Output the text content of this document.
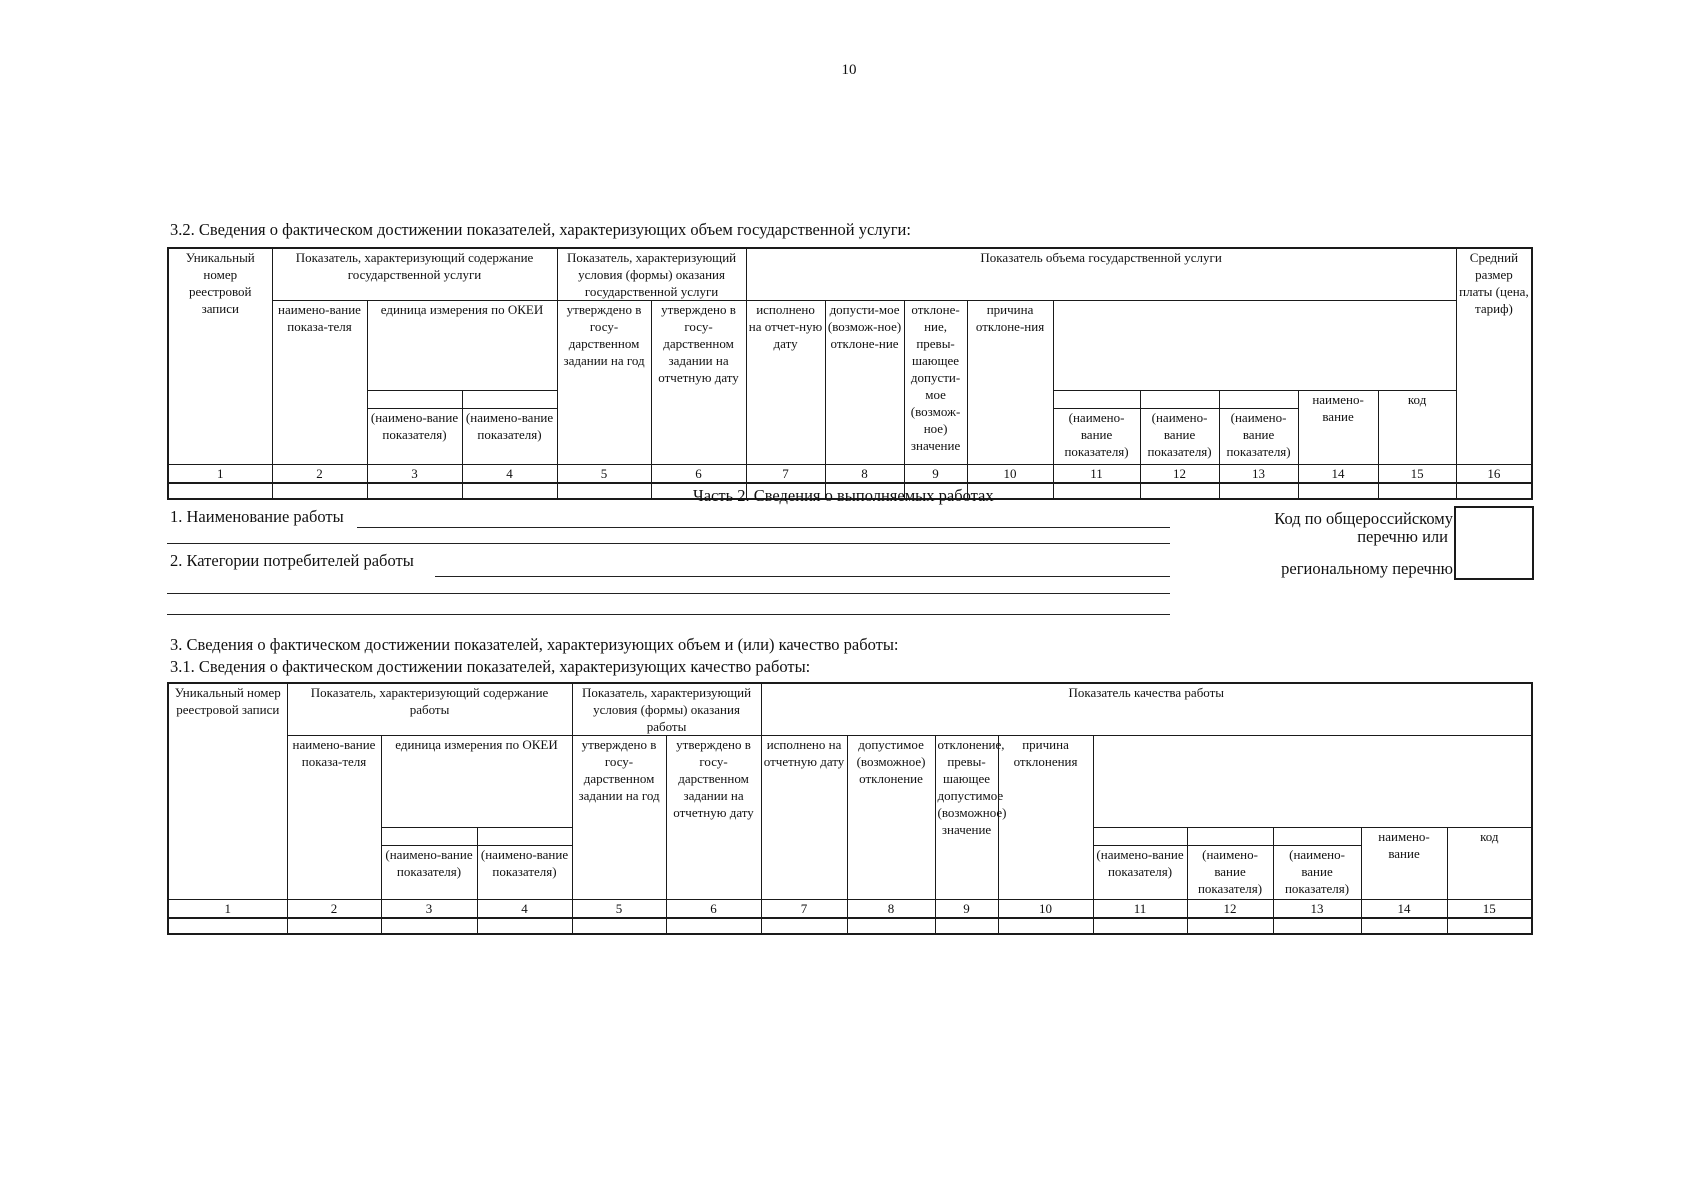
10
3.2. Сведения о фактическом достижении показателей, характеризующих объем государственной услуги:
Уникальный номер реестровой записи	Показатель, характеризующий содержание государственной услуги			Показатель, характеризующий условия (формы) оказания государственной услуги		Показатель объема государственной услуги									Средний размер платы (цена, тариф)
	наимено-вание показа-теля	единица измерения по ОКЕИ		утверждено в госу-дарственном задании на год	утверждено в госу-дарственном задании на отчетную дату	исполнено на отчет-ную дату	допусти-мое (возмож-ное) отклоне-ние	отклоне-ние, превы-шающее допусти-мое (возмож-ное) значение	причина отклоне-ния						
													наимено-вание	код	
		(наимено-вание показателя)	(наимено-вание показателя)							(наимено-вание показателя)	(наимено-вание показателя)	(наимено-вание показателя)			
1	2	3	4	5	6	7	8	9	10	11	12	13	14	15	16

Часть 2. Сведения о выполняемых работах
1. Наименование работы
2. Категории потребителей работы
Код по общероссийскому
перечню или
региональному перечню
3. Сведения о фактическом достижении показателей, характеризующих объем и (или) качество работы:
3.1. Сведения о фактическом достижении показателей, характеризующих качество работы:
Уникальный номер реестровой записи	Показатель, характеризующий содержание работы			Показатель, характеризующий условия (формы) оказания работы		Показатель качества работы								
	наимено-вание показа-теля	единица измерения по ОКЕИ		утверждено в госу-дарственном задании на год	утверждено в госу-дарственном задании на отчетную дату	исполнено на отчетную дату	допустимое (возможное) отклонение	отклонение, превы-шающее допустимое (возможное) значение	причина отклонения					
													наимено-вание	код
		(наимено-вание показателя)	(наимено-вание показателя)							(наимено-вание показателя)	(наимено-вание показателя)	(наимено-вание показателя)		
1	2	3	4	5	6	7	8	9	10	11	12	13	14	15
